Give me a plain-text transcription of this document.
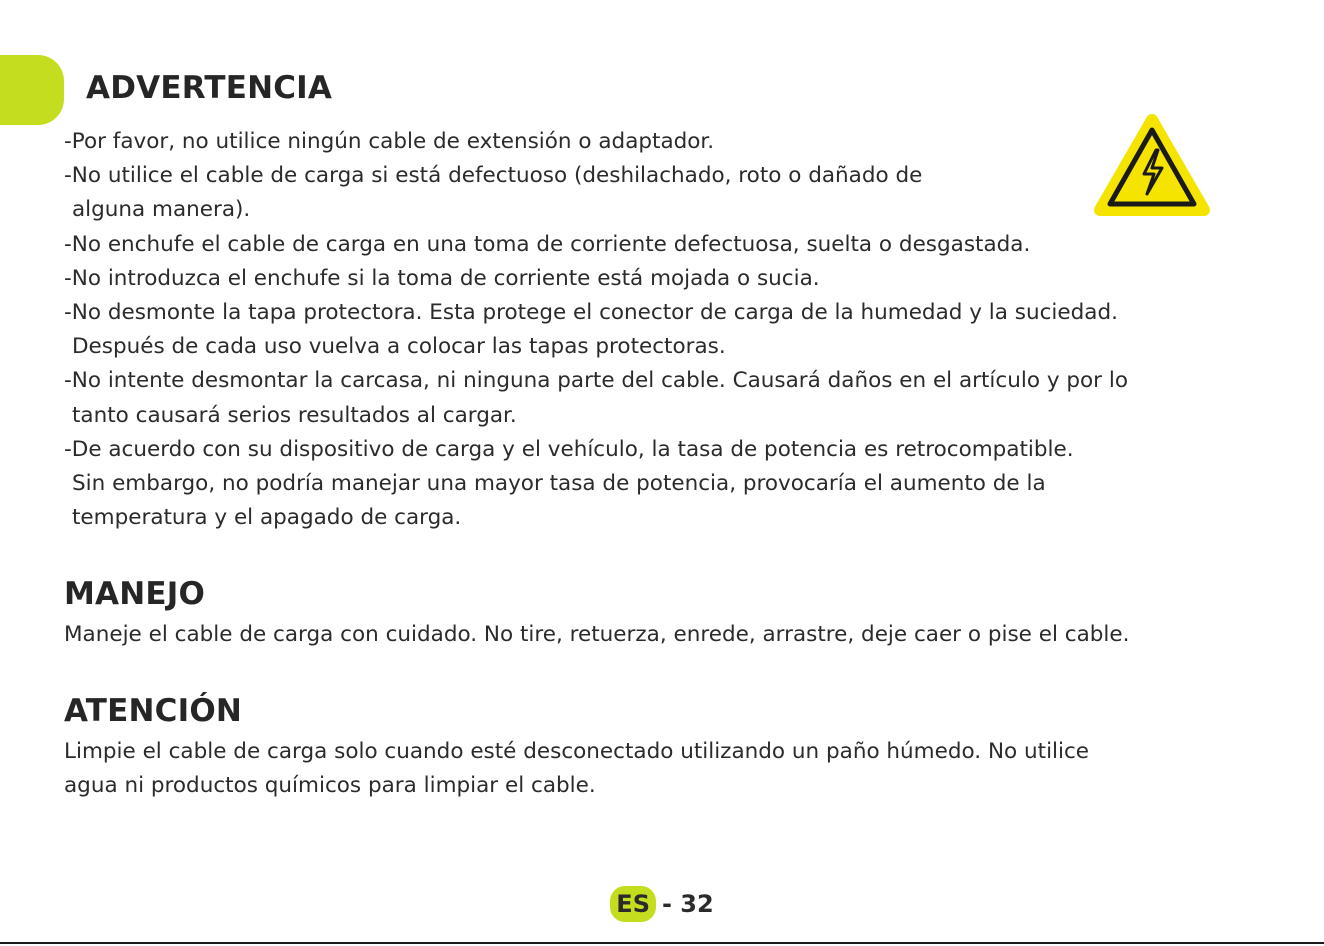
ADVERTENCIA
-Por favor, no utilice ningún cable de extensión o adaptador.
-No utilice el cable de carga si está defectuoso (deshilachado, roto o dañado de
alguna manera).
-No enchufe el cable de carga en una toma de corriente defectuosa, suelta o desgastada.
-No introduzca el enchufe si la toma de corriente está mojada o sucia.
-No desmonte la tapa protectora. Esta protege el conector de carga de la humedad y la suciedad.
Después de cada uso vuelva a colocar las tapas protectoras.
-No intente desmontar la carcasa, ni ninguna parte del cable. Causará daños en el artículo y por lo
tanto causará serios resultados al cargar.
-De acuerdo con su dispositivo de carga y el vehículo, la tasa de potencia es retrocompatible.
Sin embargo, no podría manejar una mayor tasa de potencia, provocaría el aumento de la
temperatura y el apagado de carga.
MANEJO
Maneje el cable de carga con cuidado. No tire, retuerza, enrede, arrastre, deje caer o pise el cable.
ATENCIÓN
Limpie el cable de carga solo cuando esté desconectado utilizando un paño húmedo. No utilice
agua ni productos químicos para limpiar el cable.
ES - 32
